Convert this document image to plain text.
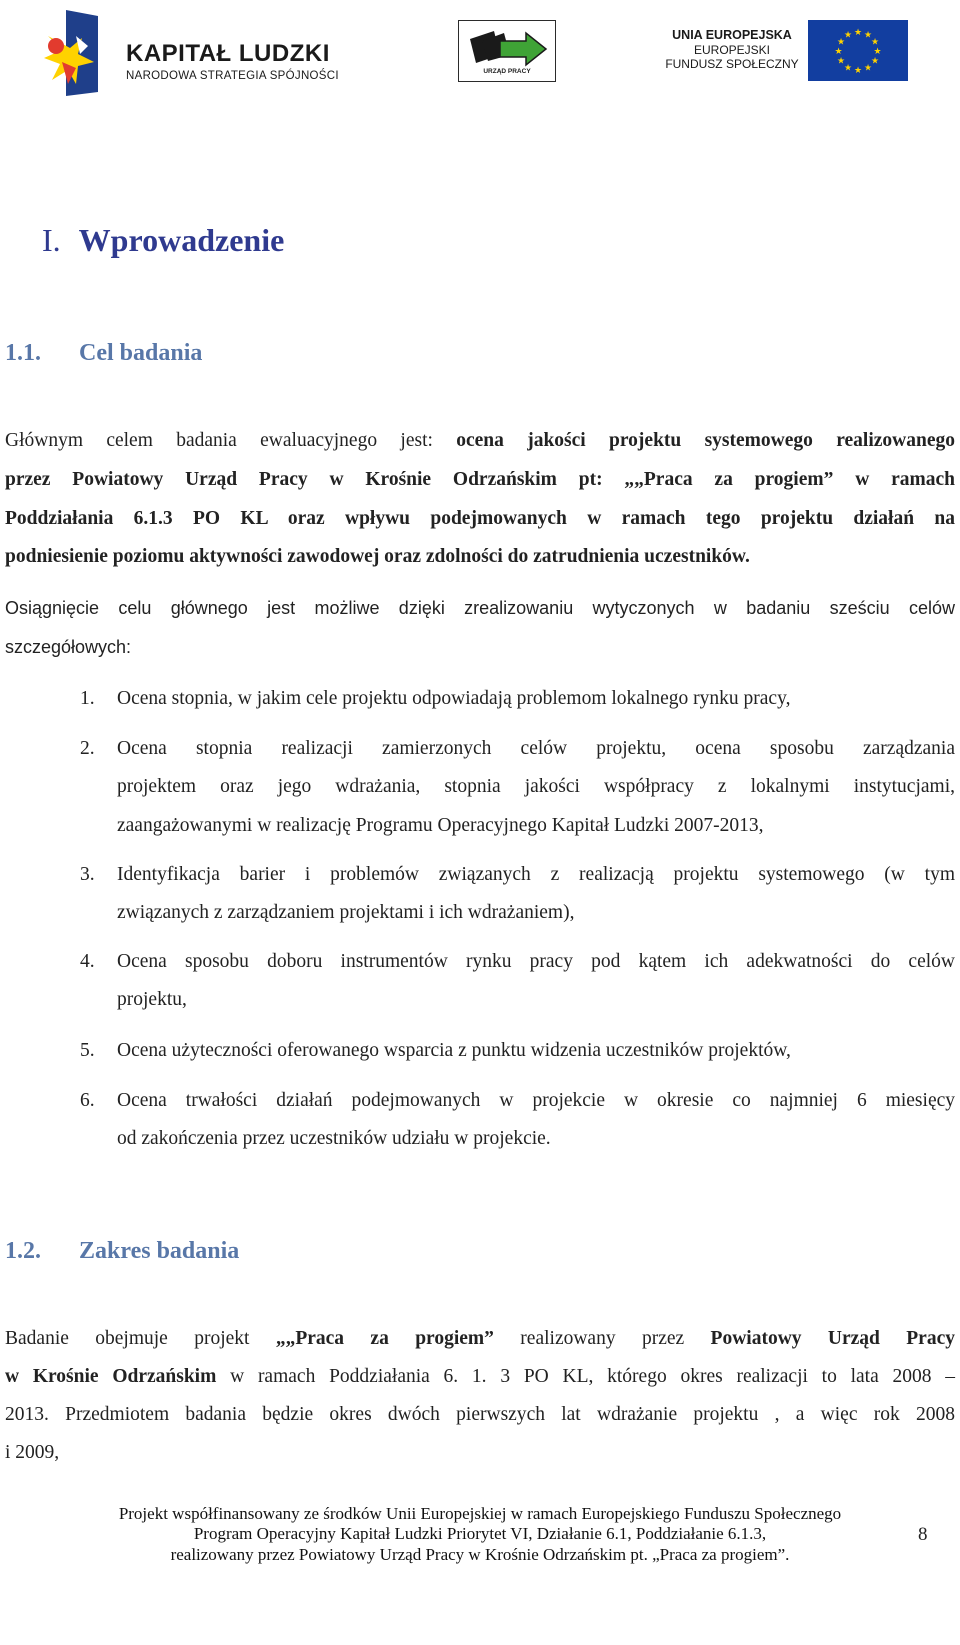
KAPITAŁ LUDZKI
NARODOWA STRATEGIA SPÓJNOŚCI	URZĄD PRACY
UNIA EUROPEJSKA
EUROPEJSKI
FUNDUSZ SPOŁECZNY
★ ★
★
★
★
★
★
★
★
★
★
★
I. Wprowadzenie
1.1. Cel badania
Głównym celem badania ewaluacyjnego jest: ocena jakości projektu systemowego realizowanego
przez Powiatowy Urząd Pracy w Krośnie Odrzańskim pt: „„Praca za progiem” w ramach
Poddziałania 6.1.3 PO KL oraz wpływu podejmowanych w ramach tego projektu działań na
podniesienie poziomu aktywności zawodowej oraz zdolności do zatrudnienia uczestników.
Osiągnięcie celu głównego jest możliwe dzięki zrealizowaniu wytyczonych w badaniu sześciu celów
szczegółowych:
1. Ocena stopnia, w jakim cele projektu odpowiadają problemom lokalnego rynku pracy,
2. Ocena stopnia realizacji zamierzonych celów projektu, ocena sposobu zarządzania
projektem oraz jego wdrażania, stopnia jakości współpracy z lokalnymi instytucjami,
zaangażowanymi w realizację Programu Operacyjnego Kapitał Ludzki 2007-2013,
3. Identyfikacja barier i problemów związanych z realizacją projektu systemowego (w tym
związanych z zarządzaniem projektami i ich wdrażaniem),
4. Ocena sposobu doboru instrumentów rynku pracy pod kątem ich adekwatności do celów
projektu,
5. Ocena użyteczności oferowanego wsparcia z punktu widzenia uczestników projektów,
6. Ocena trwałości działań podejmowanych w projekcie w okresie co najmniej 6 miesięcy
od zakończenia przez uczestników udziału w projekcie.
1.2. Zakres badania
Badanie obejmuje projekt „„Praca za progiem” realizowany przez Powiatowy Urząd Pracy
w Krośnie Odrzańskim w ramach Poddziałania 6. 1. 3 PO KL, którego okres realizacji to lata 2008 –
2013. Przedmiotem badania będzie okres dwóch pierwszych lat wdrażanie projektu , a więc rok 2008
i 2009,
8
Projekt współfinansowany ze środków Unii Europejskiej w ramach Europejskiego Funduszu Społecznego
Program Operacyjny Kapitał Ludzki Priorytet VI, Działanie 6.1, Poddziałanie 6.1.3,
realizowany przez Powiatowy Urząd Pracy w Krośnie Odrzańskim pt. „Praca za progiem”.
